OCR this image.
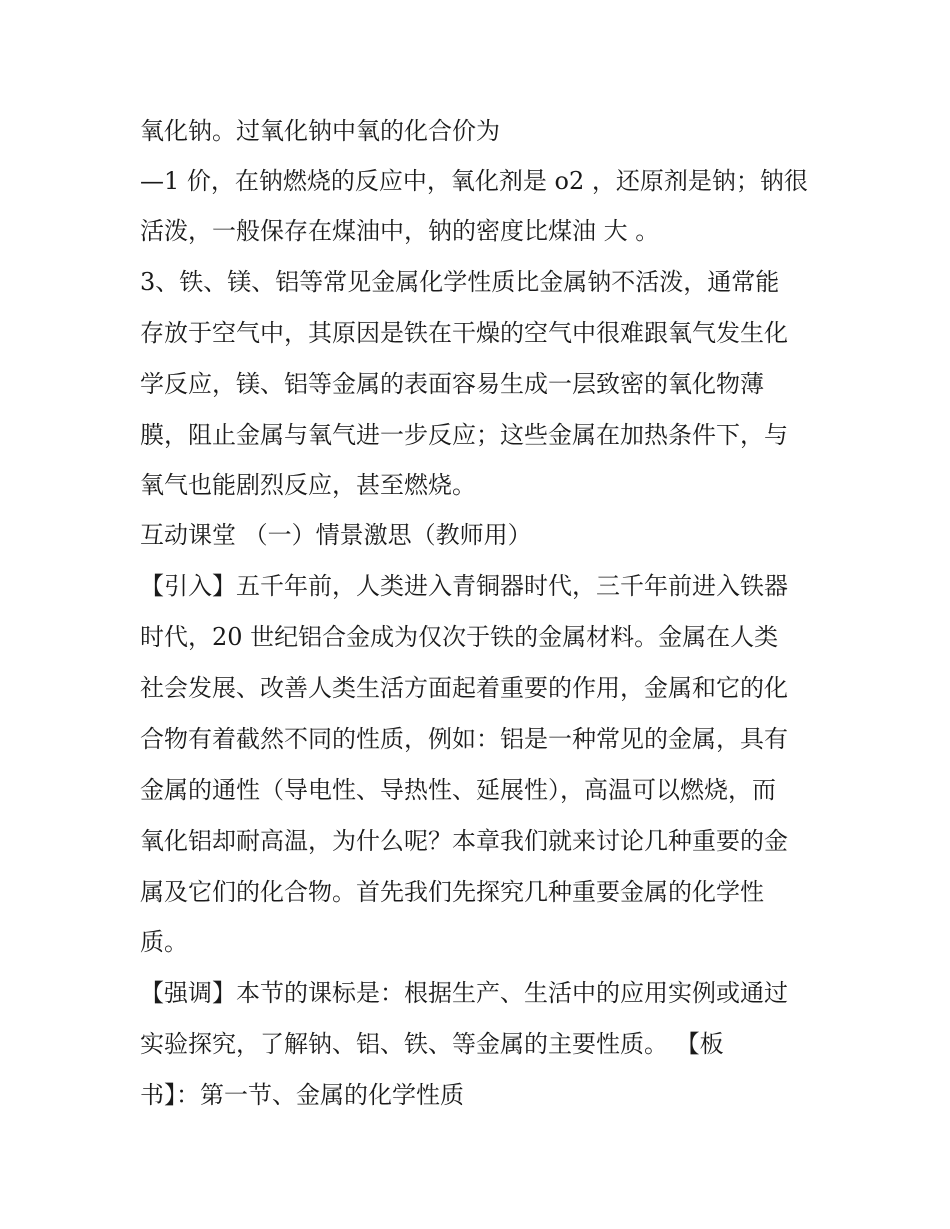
氧化钠。过氧化钠中氧的化合价为
—1 价，在钠燃烧的反应中，氧化剂是 o2 ，还原剂是钠；钠很
活泼，一般保存在煤油中，钠的密度比煤油 大 。
3、铁、镁、铝等常见金属化学性质比金属钠不活泼，通常能
存放于空气中，其原因是铁在干燥的空气中很难跟氧气发生化
学反应，镁、铝等金属的表面容易生成一层致密的氧化物薄
膜，阻止金属与氧气进一步反应；这些金属在加热条件下，与
氧气也能剧烈反应，甚至燃烧。
互动课堂 （一）情景激思（教师用）
【引入】五千年前，人类进入青铜器时代，三千年前进入铁器
时代，20 世纪铝合金成为仅次于铁的金属材料。金属在人类
社会发展、改善人类生活方面起着重要的作用，金属和它的化
合物有着截然不同的性质，例如：铝是一种常见的金属，具有
金属的通性（导电性、导热性、延展性），高温可以燃烧，而
氧化铝却耐高温，为什么呢？本章我们就来讨论几种重要的金
属及它们的化合物。首先我们先探究几种重要金属的化学性
质。
【强调】本节的课标是：根据生产、生活中的应用实例或通过
实验探究，了解钠、铝、铁、等金属的主要性质。 【板
书】：第一节、金属的化学性质
